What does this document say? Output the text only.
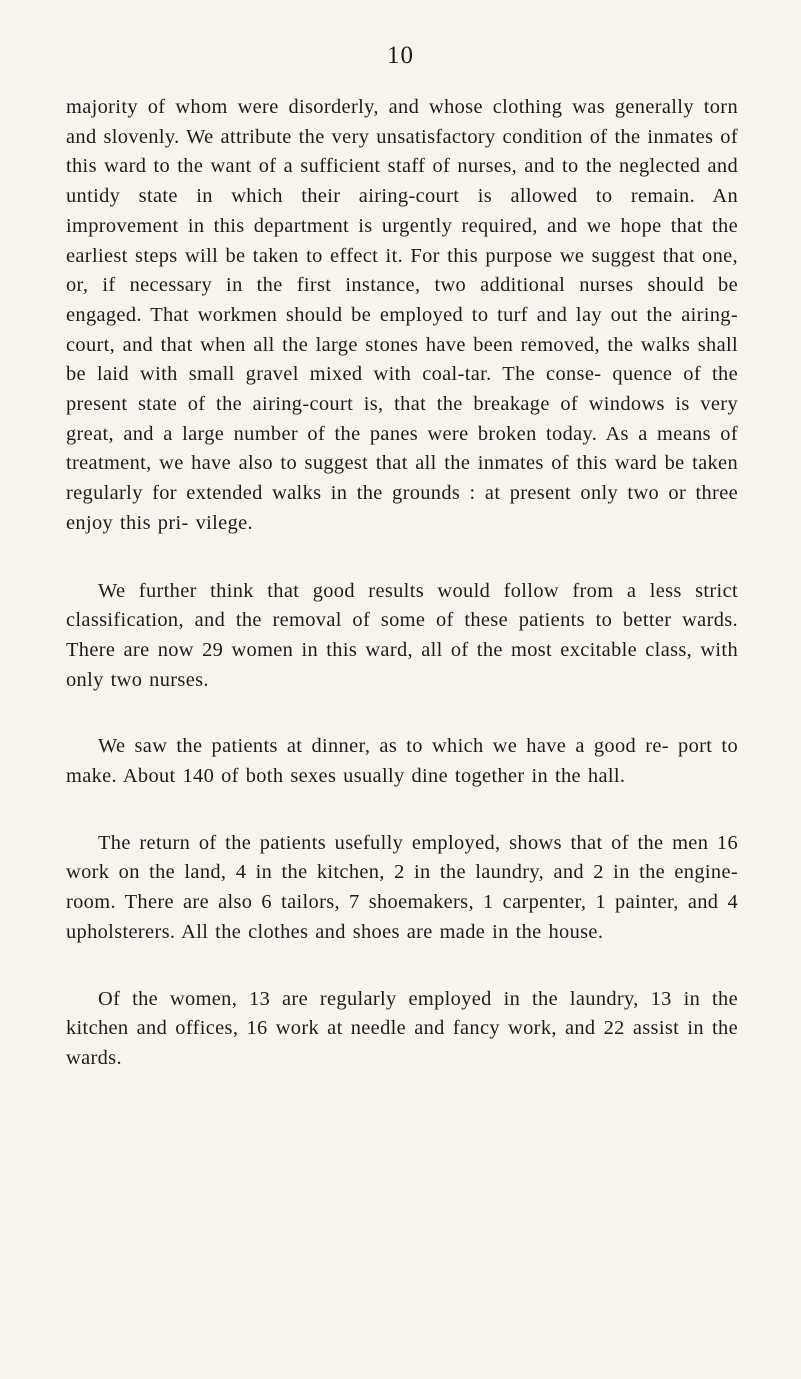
10

majority of whom were disorderly, and whose clothing was generally torn and slovenly. We attribute the very unsatisfactory condition of the inmates of this ward to the want of a sufficient staff of nurses, and to the neglected and untidy state in which their airing-court is allowed to remain. An improvement in this department is urgently required, and we hope that the earliest steps will be taken to effect it. For this purpose we suggest that one, or, if necessary in the first instance, two additional nurses should be engaged. That workmen should be employed to turf and lay out the airing-court, and that when all the large stones have been removed, the walks shall be laid with small gravel mixed with coal-tar. The conse- quence of the present state of the airing-court is, that the breakage of windows is very great, and a large number of the panes were broken today. As a means of treatment, we have also to suggest that all the inmates of this ward be taken regularly for extended walks in the grounds : at present only two or three enjoy this pri- vilege.

We further think that good results would follow from a less strict classification, and the removal of some of these patients to better wards. There are now 29 women in this ward, all of the most excitable class, with only two nurses.

We saw the patients at dinner, as to which we have a good re- port to make. About 140 of both sexes usually dine together in the hall.

The return of the patients usefully employed, shows that of the men 16 work on the land, 4 in the kitchen, 2 in the laundry, and 2 in the engine-room. There are also 6 tailors, 7 shoemakers, 1 carpenter, 1 painter, and 4 upholsterers. All the clothes and shoes are made in the house.

Of the women, 13 are regularly employed in the laundry, 13 in the kitchen and offices, 16 work at needle and fancy work, and 22 assist in the wards.
